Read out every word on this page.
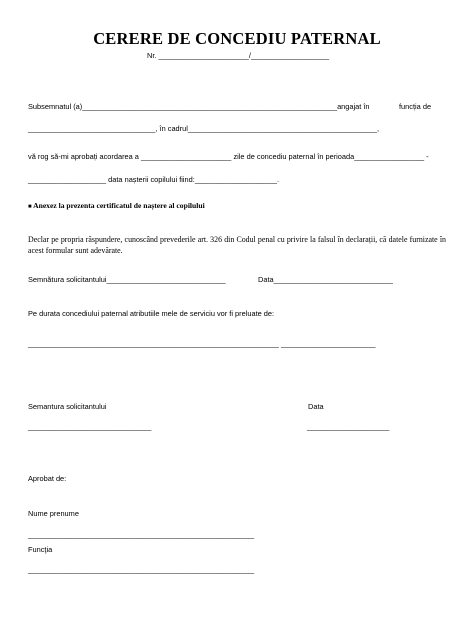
CERERE DE CONCEDIU PATERNAL
Nr. ______________________/___________________
Subsemnatul (a)______________________________________________________________angajat în	funcția de
_______________________________, în cadrul______________________________________________,
vă rog să-mi aprobați acordarea a ______________________ zile de concediu paternal în perioada_________________ -
___________________ data nașterii copilului fiind:____________________.
■ Anexez la prezenta certificatul de naștere al copilului
Declar pe propria răspundere, cunoscând prevederile art. 326 din Codul penal cu privire la falsul în declarații, că datele furnizate în acest formular sunt adevărate.
Semnătura solicitantului_____________________________	Data_____________________________
Pe durata concediului paternal atributiile mele de serviciu vor fi preluate de:
_____________________________________________________________ _______________________
Semantura solicitantului	Data
______________________________	____________________
Aprobat de:
Nume prenume
_______________________________________________________
Funcţia
_______________________________________________________
